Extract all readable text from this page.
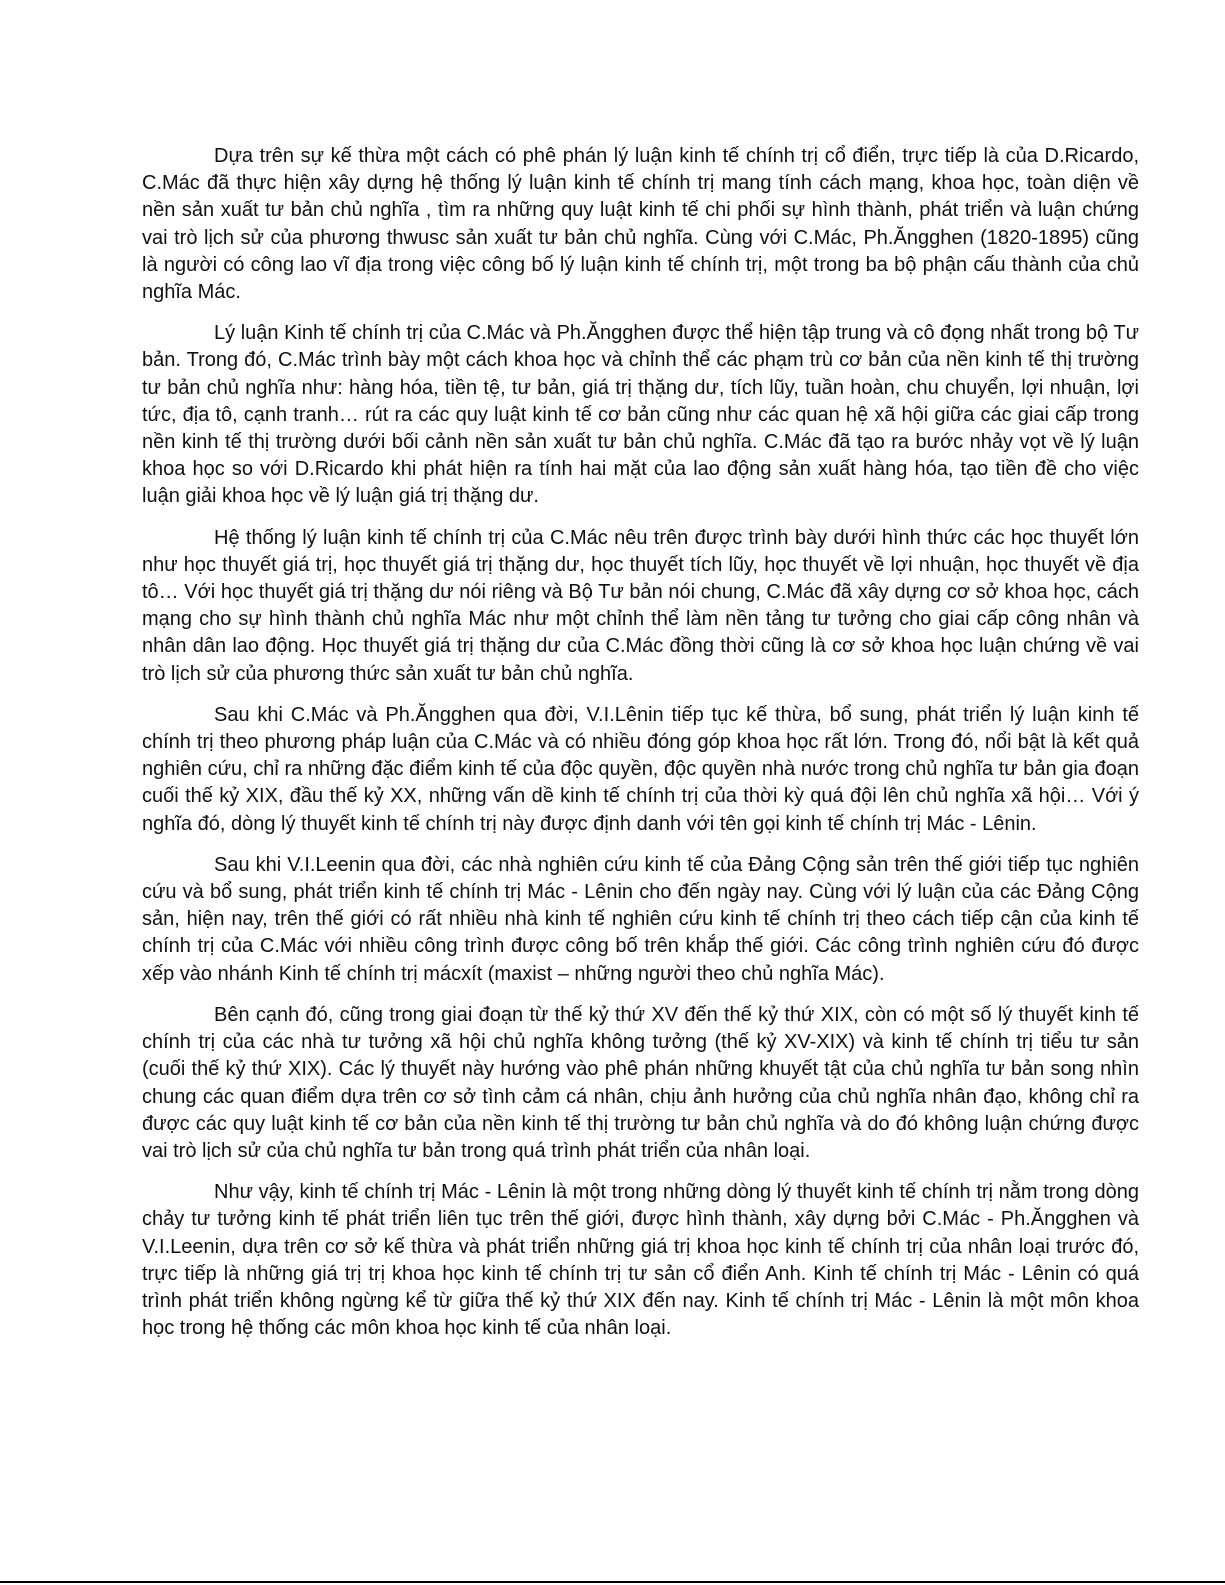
Dựa trên sự kế thừa một cách có phê phán lý luận kinh tế chính trị cổ điển, trực tiếp là của D.Ricardo, C.Mác đã thực hiện xây dựng hệ thống lý luận kinh tế chính trị mang tính cách mạng, khoa học, toàn diện về nền sản xuất tư bản chủ nghĩa , tìm ra những quy luật kinh tế chi phối sự hình thành, phát triển và luận chứng vai trò lịch sử của phương thwusc sản xuất tư bản chủ nghĩa. Cùng với C.Mác, Ph.Ăngghen (1820-1895) cũng là người có công lao vĩ địa trong việc công bố lý luận kinh tế chính trị, một trong ba bộ phận cấu thành của chủ nghĩa Mác.

Lý luận Kinh tế chính trị của C.Mác và Ph.Ăngghen được thể hiện tập trung và cô đọng nhất trong bộ Tư bản. Trong đó, C.Mác trình bày một cách khoa học và chỉnh thể các phạm trù cơ bản của nền kinh tế thị trường tư bản chủ nghĩa như: hàng hóa, tiền tệ, tư bản, giá trị thặng dư, tích lũy, tuần hoàn, chu chuyển, lợi nhuận, lợi tức, địa tô, cạnh tranh… rút ra các quy luật kinh tế cơ bản cũng như các quan hệ xã hội giữa các giai cấp trong nền kinh tế thị trường dưới bối cảnh nền sản xuất tư bản chủ nghĩa. C.Mác đã tạo ra bước nhảy vọt về lý luận khoa học so với D.Ricardo khi phát hiện ra tính hai mặt của lao động sản xuất hàng hóa, tạo tiền đề cho việc luận giải khoa học về lý luận giá trị thặng dư.

Hệ thống lý luận kinh tế chính trị của C.Mác nêu trên được trình bày dưới hình thức các học thuyết lớn như học thuyết giá trị, học thuyết giá trị thặng dư, học thuyết tích lũy, học thuyết về lợi nhuận, học thuyết về địa tô… Với học thuyết giá trị thặng dư nói riêng và Bộ Tư bản nói chung, C.Mác đã xây dựng cơ sở khoa học, cách mạng cho sự hình thành chủ nghĩa Mác như một chỉnh thể làm nền tảng tư tưởng cho giai cấp công nhân và nhân dân lao động. Học thuyết giá trị thặng dư của C.Mác đồng thời cũng là cơ sở khoa học luận chứng về vai trò lịch sử của phương thức sản xuất tư bản chủ nghĩa.

Sau khi C.Mác và Ph.Ăngghen qua đời, V.I.Lênin tiếp tục kế thừa, bổ sung, phát triển lý luận kinh tế chính trị theo phương pháp luận của C.Mác và có nhiều đóng góp khoa học rất lớn. Trong đó, nổi bật là kết quả nghiên cứu, chỉ ra những đặc điểm kinh tế của độc quyền, độc quyền nhà nước trong chủ nghĩa tư bản gia đoạn cuối thế kỷ XIX, đầu thế kỷ XX, những vấn dề kinh tế chính trị của thời kỳ quá đội lên chủ nghĩa xã hội… Với ý nghĩa đó, dòng lý thuyết kinh tế chính trị này được định danh với tên gọi kinh tế chính trị Mác - Lênin.

Sau khi V.I.Leenin qua đời, các nhà nghiên cứu kinh tế của Đảng Cộng sản trên thế giới tiếp tục nghiên cứu và bổ sung, phát triển kinh tế chính trị Mác - Lênin cho đến ngày nay. Cùng với lý luận của các Đảng Cộng sản, hiện nay, trên thế giới có rất nhiều nhà kinh tế nghiên cứu kinh tế chính trị theo cách tiếp cận của kinh tế chính trị của C.Mác với nhiều công trình được công bố trên khắp thế giới. Các công trình nghiên cứu đó được xếp vào nhánh Kinh tế chính trị mácxít (maxist – những người theo chủ nghĩa Mác).

Bên cạnh đó, cũng trong giai đoạn từ thế kỷ thứ XV đến thế kỷ thứ XIX, còn có một số lý thuyết kinh tế chính trị của các nhà tư tưởng xã hội chủ nghĩa không tưởng (thế kỷ XV-XIX) và kinh tế chính trị tiểu tư sản (cuối thế kỷ thứ XIX). Các lý thuyết này hướng vào phê phán những khuyết tật của chủ nghĩa tư bản song nhìn chung các quan điểm dựa trên cơ sở tình cảm cá nhân, chịu ảnh hưởng của chủ nghĩa nhân đạo, không chỉ ra được các quy luật kinh tế cơ bản của nền kinh tế thị trường tư bản chủ nghĩa và do đó không luận chứng được vai trò lịch sử của chủ nghĩa tư bản trong quá trình phát triển của nhân loại.

Như vậy, kinh tế chính trị Mác - Lênin là một trong những dòng lý thuyết kinh tế chính trị nằm trong dòng chảy tư tưởng kinh tế phát triển liên tục trên thế giới, được hình thành, xây dựng bởi C.Mác - Ph.Ăngghen và V.I.Leenin, dựa trên cơ sở kế thừa và phát triển những giá trị khoa học kinh tế chính trị của nhân loại trước đó, trực tiếp là những giá trị trị khoa học kinh tế chính trị tư sản cổ điển Anh. Kinh tế chính trị Mác - Lênin có quá trình phát triển không ngừng kể từ giữa thế kỷ thứ XIX đến nay. Kinh tế chính trị Mác - Lênin là một môn khoa học trong hệ thống các môn khoa học kinh tế của nhân loại.
